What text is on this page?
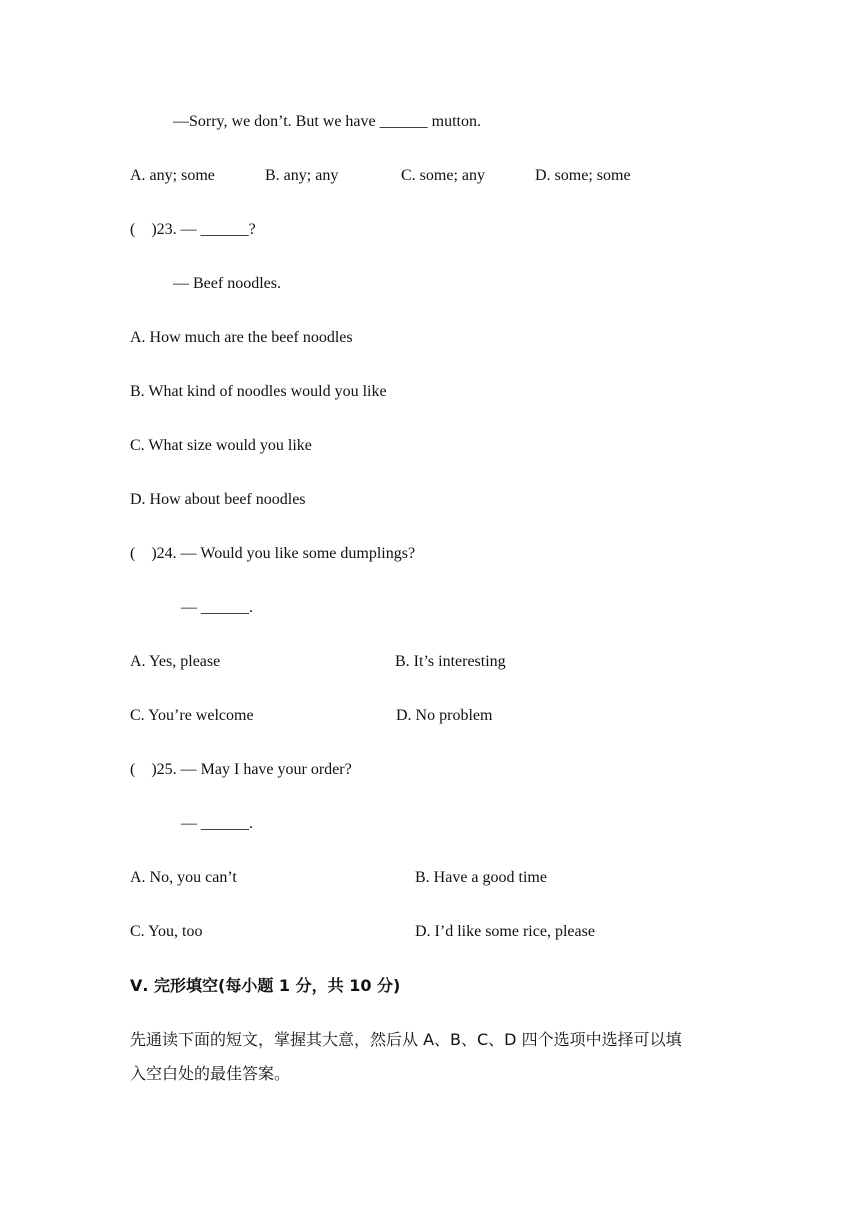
—Sorry, we don’t. But we have ______ mutton.
A. any; some	B. any; any	C. some; any	D. some; some
(    )23. — ______?
— Beef noodles.
A. How much are the beef noodles
B. What kind of noodles would you like
C. What size would you like
D. How about beef noodles
(    )24. — Would you like some dumplings?
— ______.
A. Yes, please	B. It’s interesting
C. You’re welcome	D. No problem
(    )25. — May I have your order?
— ______.
A. No, you can’t	B. Have a good time
C. You, too	D. I’d like some rice, please
Ⅴ. 完形填空(每小题 1 分，共 10 分)
先通读下面的短文，掌握其大意，然后从 A、B、C、D 四个选项中选择可以填
入空白处的最佳答案。
